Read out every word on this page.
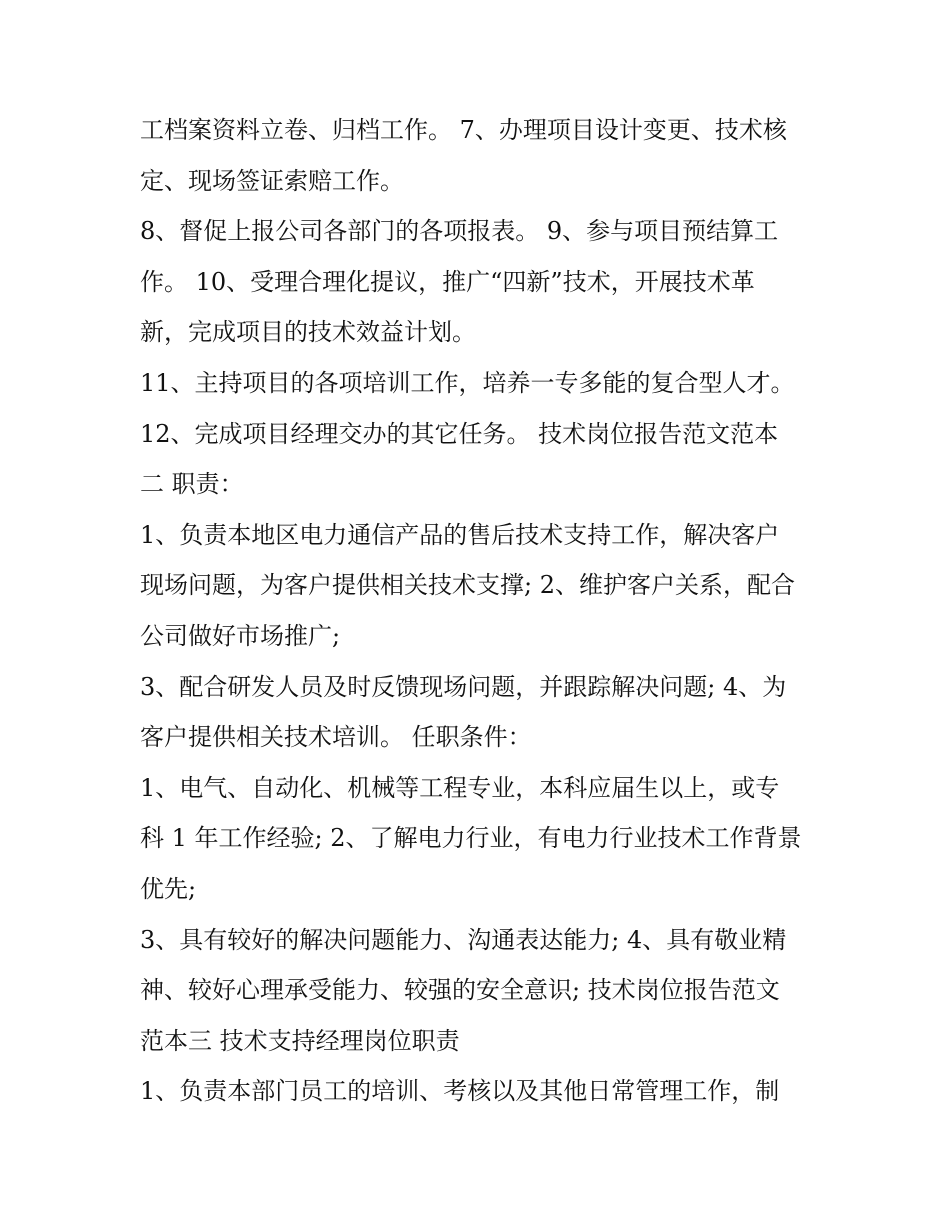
工档案资料立卷、归档工作。 7、办理项目设计变更、技术核
定、现场签证索赔工作。
8、督促上报公司各部门的各项报表。 9、参与项目预结算工
作。 10、受理合理化提议，推广“四新”技术，开展技术革
新，完成项目的技术效益计划。
11、主持项目的各项培训工作，培养一专多能的复合型人才。
12、完成项目经理交办的其它任务。 技术岗位报告范文范本
二 职责：
1、负责本地区电力通信产品的售后技术支持工作，解决客户
现场问题，为客户提供相关技术支撑; 2、维护客户关系，配合
公司做好市场推广;
3、配合研发人员及时反馈现场问题，并跟踪解决问题; 4、为
客户提供相关技术培训。 任职条件：
1、电气、自动化、机械等工程专业，本科应届生以上，或专
科 1 年工作经验; 2、了解电力行业，有电力行业技术工作背景
优先;
3、具有较好的解决问题能力、沟通表达能力; 4、具有敬业精
神、较好心理承受能力、较强的安全意识; 技术岗位报告范文
范本三 技术支持经理岗位职责
1、负责本部门员工的培训、考核以及其他日常管理工作，制
